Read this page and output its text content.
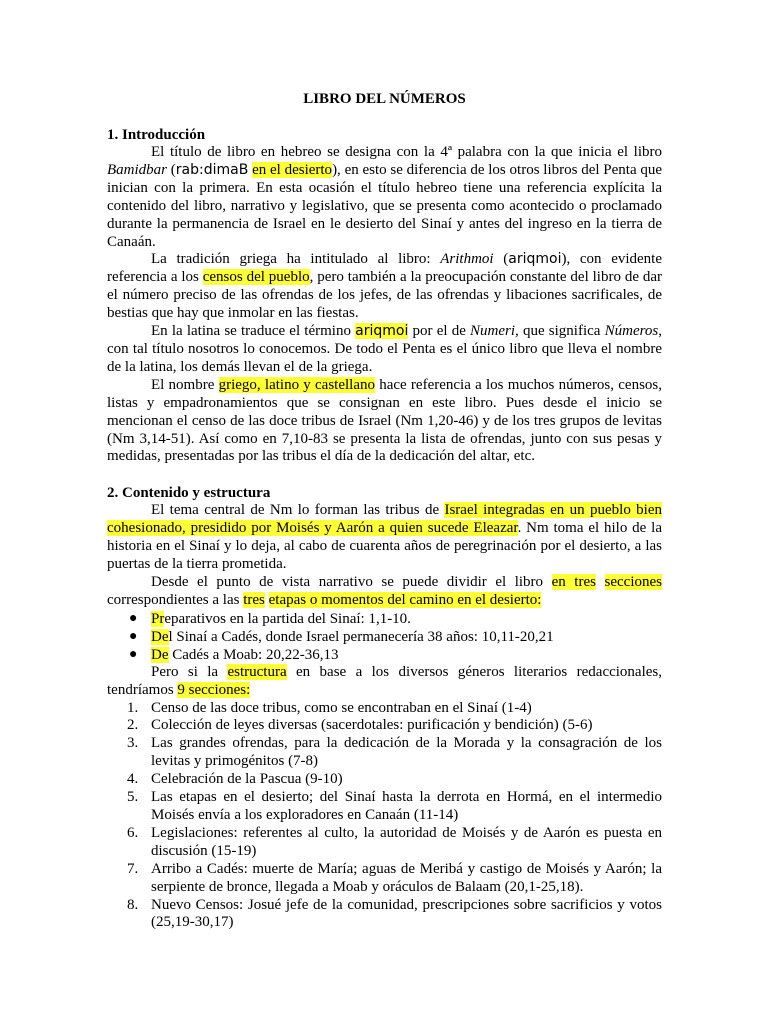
LIBRO DEL NÚMEROS
1. Introducción

El título de libro en hebreo se designa con la 4ª palabra con la que inicia el libro Bamidbar (rab:dimaB en el desierto), en esto se diferencia de los otros libros del Penta que inician con la primera. En esta ocasión el título hebreo tiene una referencia explícita la contenido del libro, narrativo y legislativo, que se presenta como acontecido o proclamado durante la permanencia de Israel en le desierto del Sinaí y antes del ingreso en la tierra de Canaán.

La tradición griega ha intitulado al libro: Arithmoi (ariqmoi), con evidente referencia a los censos del pueblo, pero también a la preocupación constante del libro de dar el número preciso de las ofrendas de los jefes, de las ofrendas y libaciones sacrificales, de bestias que hay que inmolar en las fiestas.

En la latina se traduce el término ariqmoi por el de Numeri, que significa Números, con tal título nosotros lo conocemos. De todo el Penta es el único libro que lleva el nombre de la latina, los demás llevan el de la griega.

El nombre griego, latino y castellano hace referencia a los muchos números, censos, listas y empadronamientos que se consignan en este libro. Pues desde el inicio se mencionan el censo de las doce tribus de Israel (Nm 1,20-46) y de los tres grupos de levitas (Nm 3,14-51). Así como en 7,10-83 se presenta la lista de ofrendas, junto con sus pesas y medidas, presentadas por las tribus el día de la dedicación del altar, etc.

2. Contenido y estructura

El tema central de Nm lo forman las tribus de Israel integradas en un pueblo bien cohesionado, presidido por Moisés y Aarón a quien sucede Eleazar. Nm toma el hilo de la historia en el Sinaí y lo deja, al cabo de cuarenta años de peregrinación por el desierto, a las puertas de la tierra prometida.

Desde el punto de vista narrativo se puede dividir el libro en tres secciones correspondientes a las tres etapas o momentos del camino en el desierto:

● Preparativos en la partida del Sinaí: 1,1-10.
● Del Sinaí a Cadés, donde Israel permanecería 38 años: 10,11-20,21
● De Cadés a Moab: 20,22-36,13

Pero si la estructura en base a los diversos géneros literarios redaccionales, tendríamos 9 secciones:

1. Censo de las doce tribus, como se encontraban en el Sinaí (1-4)
2. Colección de leyes diversas (sacerdotales: purificación y bendición) (5-6)
3. Las grandes ofrendas, para la dedicación de la Morada y la consagración de los levitas y primogénitos (7-8)
4. Celebración de la Pascua (9-10)
5. Las etapas en el desierto; del Sinaí hasta la derrota en Hormá, en el intermedio Moisés envía a los exploradores en Canaán (11-14)
6. Legislaciones: referentes al culto, la autoridad de Moisés y de Aarón es puesta en discusión (15-19)
7. Arribo a Cadés: muerte de María; aguas de Meribá y castigo de Moisés y Aarón; la serpiente de bronce, llegada a Moab y oráculos de Balaam (20,1-25,18).
8. Nuevo Censos: Josué jefe de la comunidad, prescripciones sobre sacrificios y votos (25,19-30,17)
